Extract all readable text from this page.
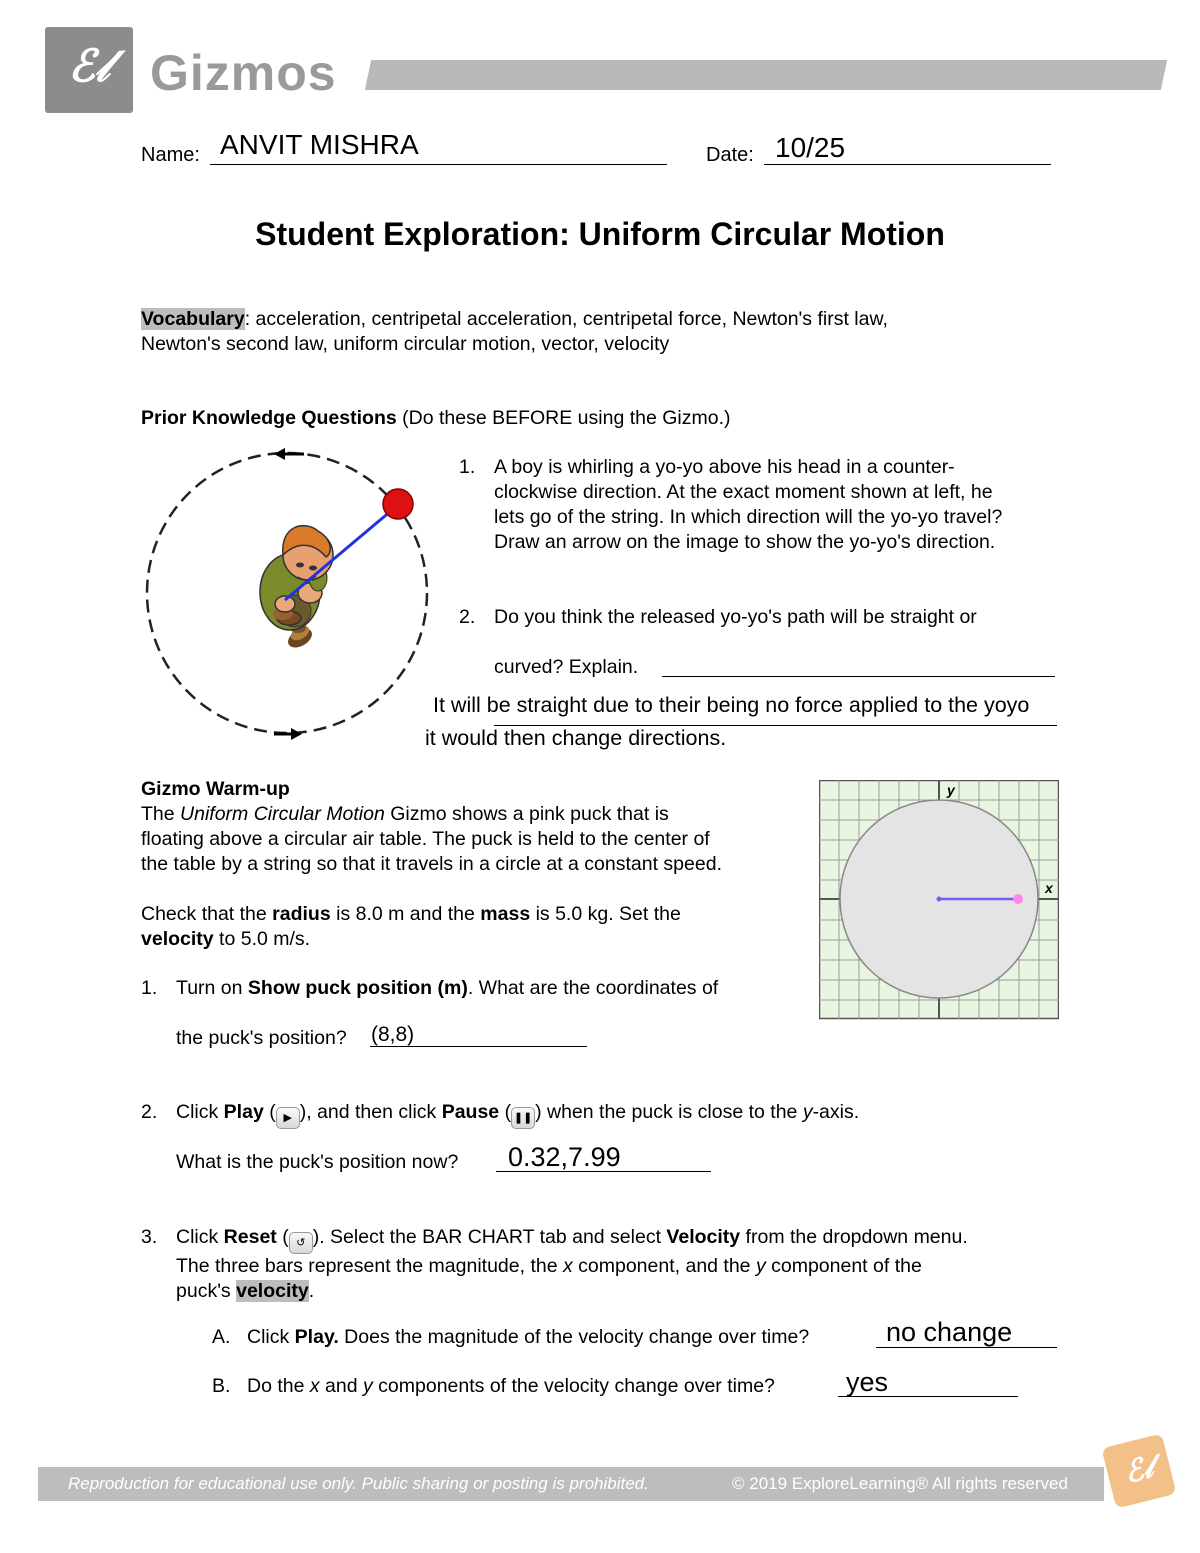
ℰ𝓁 Gizmos
Name: ANVIT MISHRA	Date: 10/25
Student Exploration: Uniform Circular Motion
Vocabulary: acceleration, centripetal acceleration, centripetal force, Newton's first law,
Newton's second law, uniform circular motion, vector, velocity
Prior Knowledge Questions (Do these BEFORE using the Gizmo.)
1. A boy is whirling a yo-yo above his head in a counter-
clockwise direction. At the exact moment shown at left, he
lets go of the string. In which direction will the yo-yo travel?
Draw an arrow on the image to show the yo-yo's direction.
2. Do you think the released yo-yo's path will be straight or
curved? Explain.
It will be straight due to their being no force applied to the yoyo
it would then change directions.
Gizmo Warm-up
The Uniform Circular Motion Gizmo shows a pink puck that is
floating above a circular air table. The puck is held to the center of
the table by a string so that it travels in a circle at a constant speed.
Check that the radius is 8.0 m and the mass is 5.0 kg. Set the
velocity to 5.0 m/s.
y
x
1. Turn on Show puck position (m). What are the coordinates of
the puck's position? (8,8)
2. Click Play ( ▶ ), and then click Pause ( ❚❚ ) when the puck is close to the y-axis.
What is the puck's position now? 0.32,7.99
3. Click Reset ( ↺ ). Select the BAR CHART tab and select Velocity from the dropdown menu.
The three bars represent the magnitude, the x component, and the y component of the
puck's velocity.
A. Click Play. Does the magnitude of the velocity change over time?	no change
B. Do the x and y components of the velocity change over time?	yes
Reproduction for educational use only. Public sharing or posting is prohibited.	© 2019 ExploreLearning® All rights reserved	ℰ𝓁
